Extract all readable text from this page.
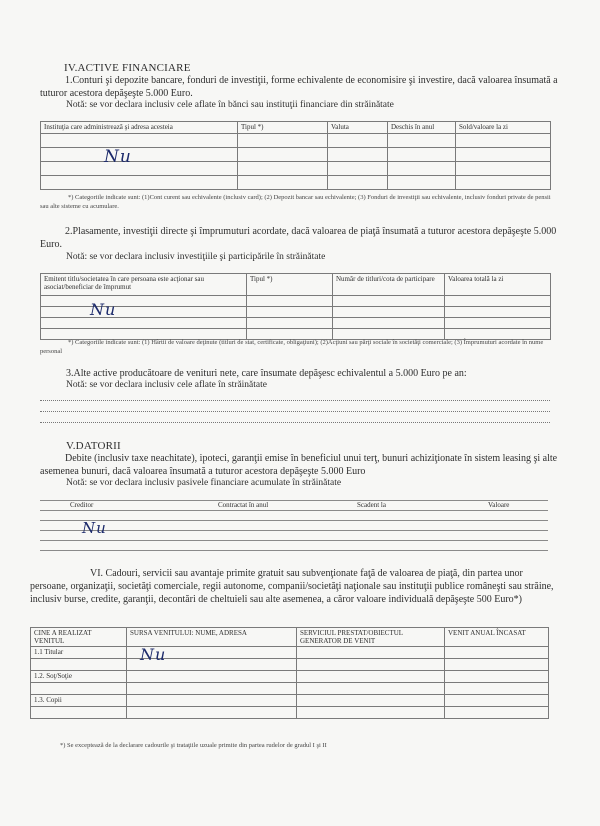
IV.ACTIVE FINANCIARE
1.Conturi şi depozite bancare, fonduri de investiţii, forme echivalente de economisire şi investire, dacă valoarea însumată a tuturor acestora depăşeşte 5.000 Euro.
Notă: se vor declara inclusiv cele aflate în bănci sau instituţii financiare din străinătate
Instituţia care administrează şi adresa acesteia	Tipul *)	Valuta	Deschis în anul	Sold/valoare la zi

Nu
*) Categoriile indicate sunt: (1)Cont curent sau echivalente (inclusiv card); (2) Depozit bancar sau echivalente; (3) Fonduri de investiţii sau echivalente, inclusiv fonduri private de pensii sau alte sisteme cu acumulare.
2.Plasamente, investiţii directe şi împrumuturi acordate, dacă valoarea de piaţă însumată a tuturor acestora depăşeşte 5.000 Euro.
Notă: se vor declara inclusiv investiţiile şi participările în străinătate
Emitent titlu/societatea în care persoana este acţionar sau asociat/beneficiar de împrumut	Tipul *)	Număr de titluri/cota de participare	Valoarea totală la zi

Nu
*) Categoriile indicate sunt: (1) Hârtii de valoare deţinute (titluri de stat, certificate, obligaţiuni); (2)Acţiuni sau părţi sociale în societăţi comerciale; (3) Împrumuturi acordate în nume personal
3.Alte active producătoare de venituri nete, care însumate depăşesc echivalentul a 5.000 Euro pe an:
Notă: se vor declara inclusiv cele aflate în străinătate
V.DATORII
Debite (inclusiv taxe neachitate), ipoteci, garanţii emise în beneficiul unui terţ, bunuri achiziţionate în sistem leasing şi alte asemenea bunuri, dacă valoarea însumată a tuturor acestora depăşeşte 5.000 Euro
Notă: se vor declara inclusiv pasivele financiare acumulate în străinătate
Creditor	Contractat în anul	Scadent la	Valoare

Nu
VI. Cadouri, servicii sau avantaje primite gratuit sau subvenţionate faţă de valoarea de piaţă, din partea unor persoane, organizaţii, societăţi comerciale, regii autonome, companii/societăţi naţionale sau instituţii publice româneşti sau străine, inclusiv burse, credite, garanţii, decontări de cheltuieli sau alte asemenea, a căror valoare individuală depăşeşte 500 Euro*)
CINE A REALIZAT VENITUL	SURSA VENITULUI: NUME, ADRESA	SERVICIUL PRESTAT/OBIECTUL GENERATOR DE VENIT	VENIT ANUAL ÎNCASAT
1.1 Titular			

1.2. Soţ/Soţie			

1.3. Copii			

Nu
*) Se exceptează de la declarare cadourile şi trataţiile uzuale primite din partea rudelor de gradul I şi II
